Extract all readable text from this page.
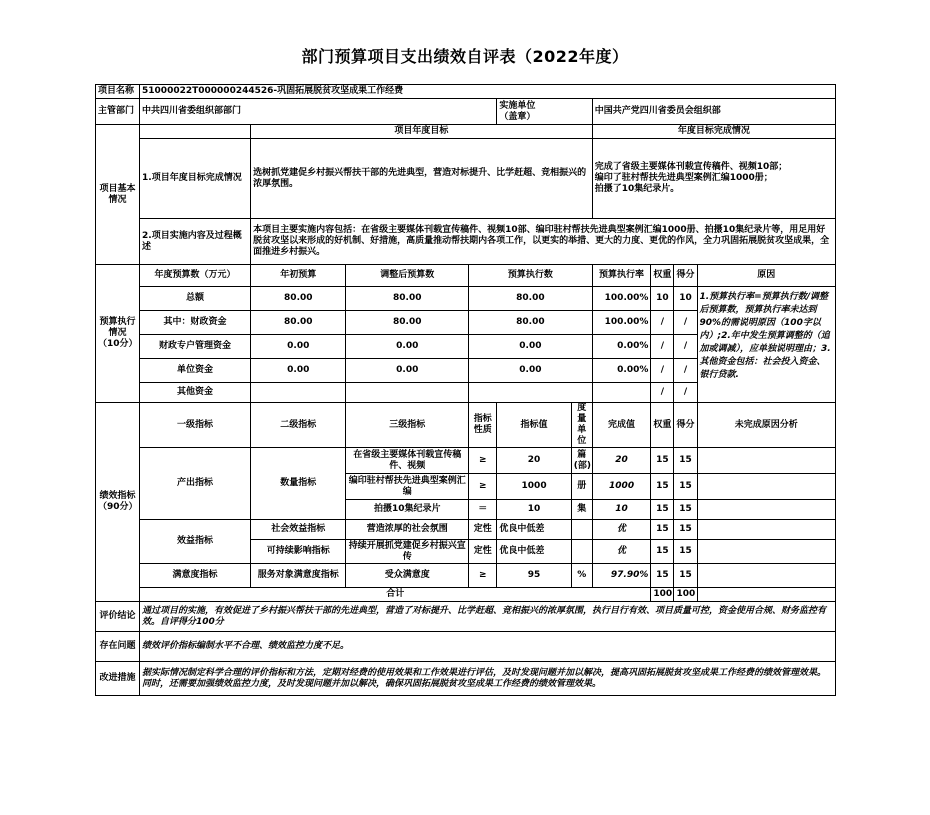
部门预算项目支出绩效自评表（2022年度）
项目名称	51000022T000000244526-巩固拓展脱贫攻坚成果工作经费									
主管部门	中共四川省委组织部部门				实施单位
（盖章）		中国共产党四川省委员会组织部			
项目基本情况		项目年度目标					年度目标完成情况			

	1.项目年度目标完成情况	选树抓党建促乡村振兴帮扶干部的先进典型，营造对标提升、比学赶超、竞相振兴的浓厚氛围。					完成了省级主要媒体刊载宣传稿件、视频10部；
编印了驻村帮扶先进典型案例汇编1000册；
拍摄了10集纪录片。			
	2.项目实施内容及过程概述	本项目主要实施内容包括：在省级主要媒体刊载宣传稿件、视频10部、编印驻村帮扶先进典型案例汇编1000册、拍摄10集纪录片等，用足用好脱贫攻坚以来形成的好机制、好措施，高质量推动帮扶期内各项工作，以更实的举措、更大的力度、更优的作风，全力巩固拓展脱贫攻坚成果，全面推进乡村振兴。								
预算执行情况（10分）	年度预算数（万元）	年初预算	调整后预算数	预算执行数			预算执行率	权重	得分	原因
	总额	80.00	80.00	80.00			100.00%	10	10	1.预算执行率=预算执行数/调整后预算数，预算执行率未达到90%的需说明原因（100字以内）;2.年中发生预算调整的（追加或调减），应单独说明理由；3.其他资金包括：社会投入资金、银行贷款.
	其中：财政资金	80.00	80.00	80.00			100.00%	/	/	
	财政专户管理资金	0.00	0.00	0.00			0.00%	/	/	
	单位资金	0.00	0.00	0.00			0.00%	/	/	
	其他资金							/	/	
绩效指标（90分）	一级指标	二级指标	三级指标	指标性质	指标值	度量单位	完成值	权重	得分	未完成原因分析
	产出指标	数量指标	在省级主要媒体刊载宣传稿件、视频	≥	20	篇(部)	20	15	15	
			编印驻村帮扶先进典型案例汇编	≥	1000	册	1000	15	15	
			拍摄10集纪录片	＝	10	集	10	15	15	
	效益指标	社会效益指标	营造浓厚的社会氛围	定性	优良中低差		优	15	15	
		可持续影响指标	持续开展抓党建促乡村振兴宣传	定性	优良中低差		优	15	15	
	满意度指标	服务对象满意度指标	受众满意度	≥	95	%	97.90%	15	15	
	合计							100	100	
评价结论	通过项目的实施，有效促进了乡村振兴帮扶干部的先进典型，营造了对标提升、比学赶超、竞相振兴的浓厚氛围，执行目行有效、项目质量可控，资金使用合规、财务监控有效。自评得分100分									
存在问题	绩效评价指标编制水平不合理、绩效监控力度不足。									
改进措施	据实际情况制定科学合理的评价指标和方法，定期对经费的使用效果和工作效果进行评估，及时发现问题并加以解决，提高巩固拓展脱贫攻坚成果工作经费的绩效管理效果。同时，还需要加强绩效监控力度，及时发现问题并加以解决，确保巩固拓展脱贫攻坚成果工作经费的绩效管理效果。									
